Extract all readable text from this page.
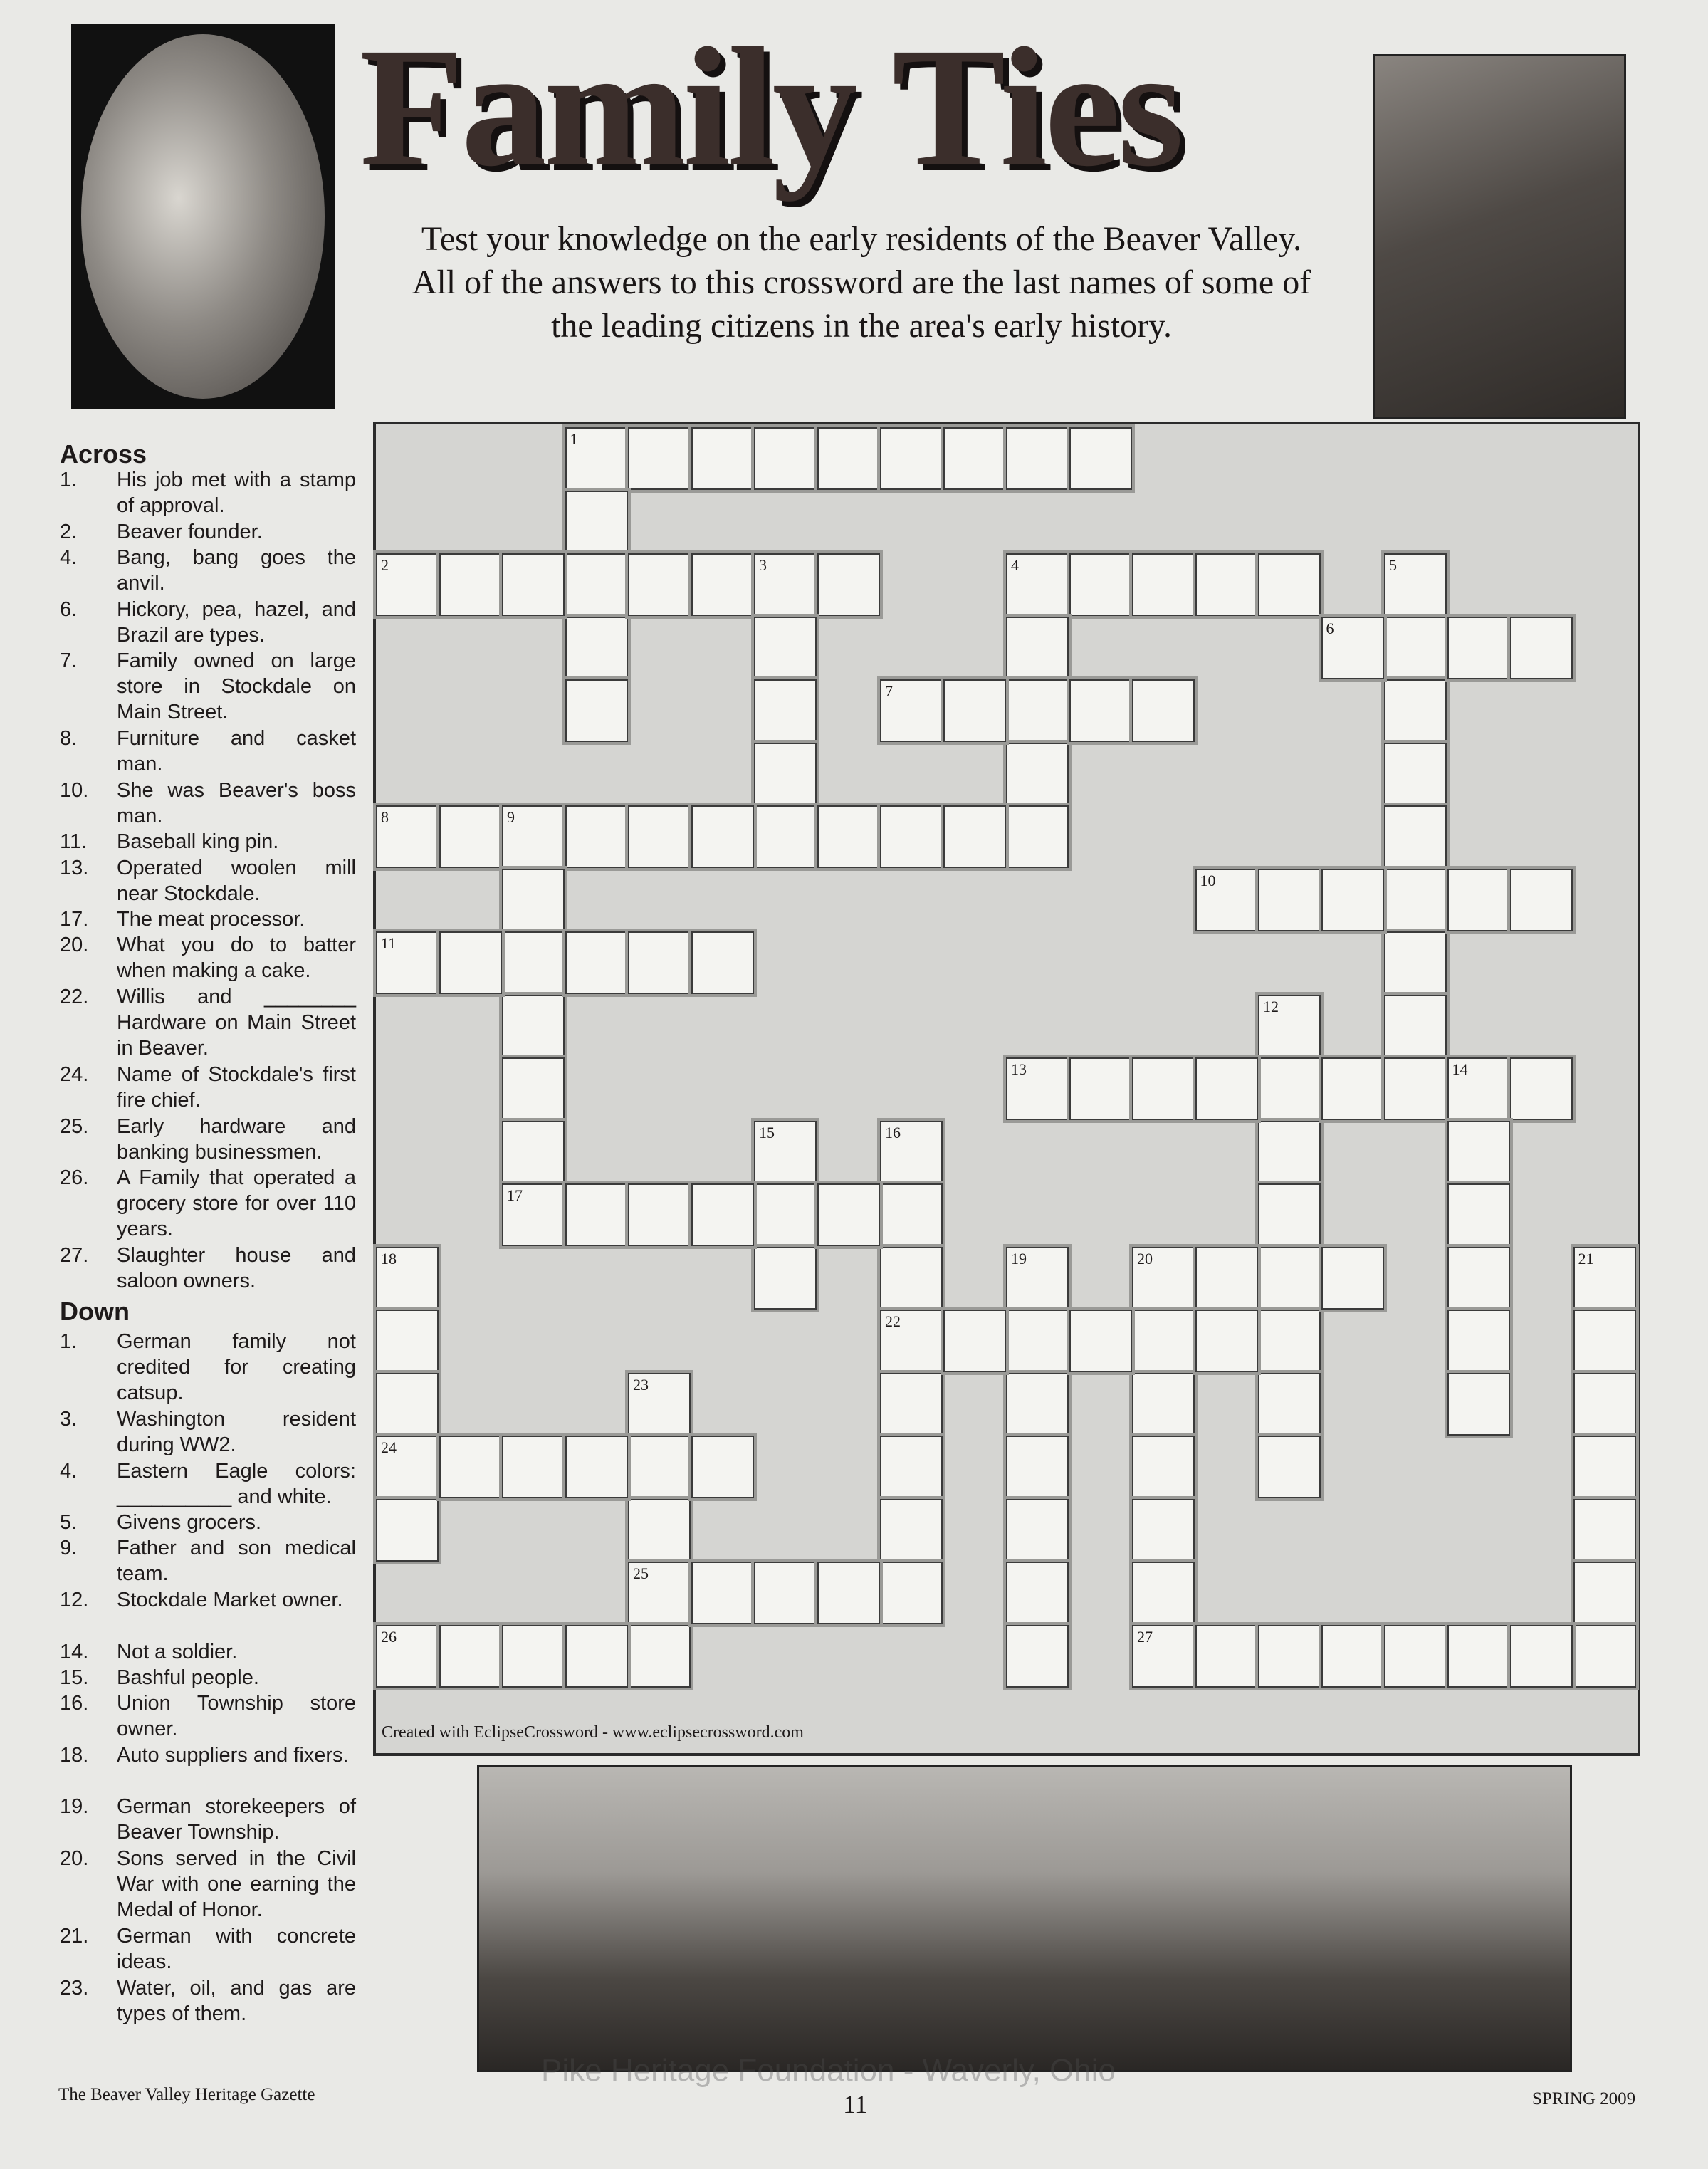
Family Ties
Test your knowledge on the early residents of the Beaver Valley. All of the answers to this crossword are the last names of some of the leading citizens in the area's early history.
Across
1. His job met with a stamp of approval.
2. Beaver founder.
4. Bang, bang goes the anvil.
6. Hickory, pea, hazel, and Brazil are types.
7. Family owned on large store in Stockdale on Main Street.
8. Furniture and casket man.
10. She was Beaver's boss man.
11. Baseball king pin.
13. Operated woolen mill near Stockdale.
17. The meat processor.
20. What you do to batter when making a cake.
22. Willis and ________ Hardware on Main Street in Beaver.
24. Name of Stockdale's first fire chief.
25. Early hardware and banking businessmen.
26. A Family that operated a grocery store for over 110 years.
27. Slaughter house and saloon owners.
Down
1. German family not credited for creating catsup.
3. Washington resident during WW2.
4. Eastern Eagle colors: __________ and white.
5. Givens grocers.
9. Father and son medical team.
12. Stockdale Market owner.
14. Not a soldier.
15. Bashful people.
16. Union Township store owner.
18. Auto suppliers and fixers.
19. German storekeepers of Beaver Township.
20. Sons served in the Civil War with one earning the Medal of Honor.
21. German with concrete ideas.
23. Water, oil, and gas are types of them.
1
2	3	4	5
6
7
8	9
17
10
11
12
13	14
15	16
22
18
24
19	20
27
21
23
25
26
Created with EclipseCrossword - www.eclipsecrossword.com
The Beaver Valley Heritage Gazette	11	SPRING 2009
Pike Heritage Foundation - Waverly, Ohio
